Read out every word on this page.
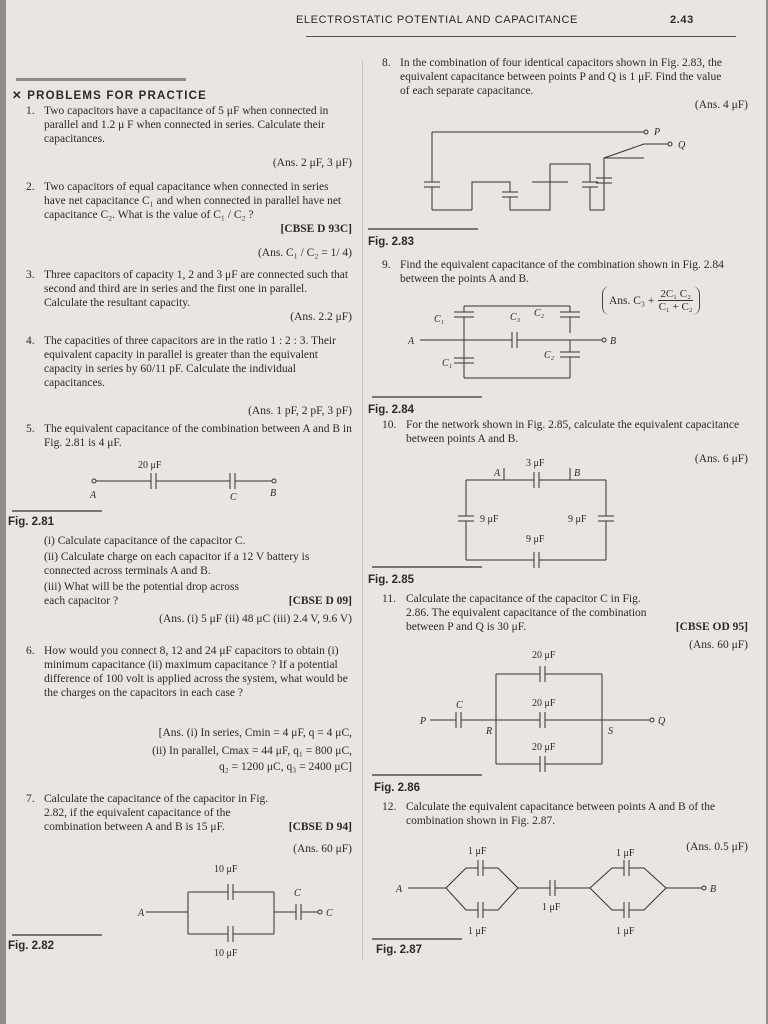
ELECTROSTATIC POTENTIAL AND CAPACITANCE	2.43
✕ PROBLEMS FOR PRACTICE
1. Two capacitors have a capacitance of 5 μF when connected in parallel and 1.2 μ F when connected in series. Calculate their capacitances.
(Ans. 2 μF, 3 μF)
2. Two capacitors of equal capacitance when connected in series have net capacitance C₁ and when connected in parallel have net capacitance C₂. What is the value of C₁ / C₂ ?
[CBSE D 93C]
(Ans. C₁ / C₂ = 1/ 4)
3. Three capacitors of capacity 1, 2 and 3 μF are connected such that second and third are in series and the first one in parallel. Calculate the resultant capacity.
(Ans. 2.2 μF)
4. The capacities of three capacitors are in the ratio 1 : 2 : 3. Their equivalent capacity in parallel is greater than the equivalent capacity in series by 60/11 pF. Calculate the individual capacitances.
(Ans. 1 pF, 2 pF, 3 pF)
5. The equivalent capacitance of the combination between A and B in Fig. 2.81 is 4 μF.
20 μF
A	C	B
Fig. 2.81
(i) Calculate capacitance of the capacitor C.
(ii) Calculate charge on each capacitor if a 12 V battery is connected across terminals A and B.
(iii) What will be the potential drop across each capacitor ?	[CBSE D 09]
(Ans. (i) 5 μF (ii) 48 μC (iii) 2.4 V, 9.6 V)
6. How would you connect 8, 12 and 24 μF capacitors to obtain (i) minimum capacitance (ii) maximum capacitance ? If a potential difference of 100 volt is applied across the system, what would be the charges on the capacitors in each case ?
[Ans. (i) In series, Cmin = 4 μF, q = 4 μC,
(ii) In parallel, Cmax = 44 μF, q₁ = 800 μC,
q₂ = 1200 μC, q₃ = 2400 μC]
7. Calculate the capacitance of the capacitor in Fig. 2.82, if the equivalent capacitance of the combination between A and B is 15 μF.	[CBSE D 94]
(Ans. 60 μF)
10 μF
A
C
C
10 μF
Fig. 2.82
8. In the combination of four identical capacitors shown in Fig. 2.83, the equivalent capacitance between points P and Q is 1 μF. Find the value of each separate capacitance.
(Ans. 4 μF)
P
Q
Fig. 2.83
9. Find the equivalent capacitance of the combination shown in Fig. 2.84 between the points A and B.
Ans. $C_3 + \frac{\text{2C₁ C₂}}{\text{C₁ + C₂}}$
C₁	C₃ C₂
A	B
C₁
C₂
Fig. 2.84
10. For the network shown in Fig. 2.85, calculate the equivalent capacitance between points A and B.
(Ans. 6 μF)
3 μF
A	B
9 μF	9 μF
9 μF
Fig. 2.85
11. Calculate the capacitance of the capacitor C in Fig. 2.86. The equivalent capacitance of the combination between P and Q is 30 μF.	[CBSE OD 95]
(Ans. 60 μF)
20 μF
P
C
R
20 μF
Q
S
20 μF
Fig. 2.86
12. Calculate the equivalent capacitance between points A and B of the combination shown in Fig. 2.87.
(Ans. 0.5 μF)
1 μF	1 μF
A
1 μF
B
1 μF	1 μF
Fig. 2.87
